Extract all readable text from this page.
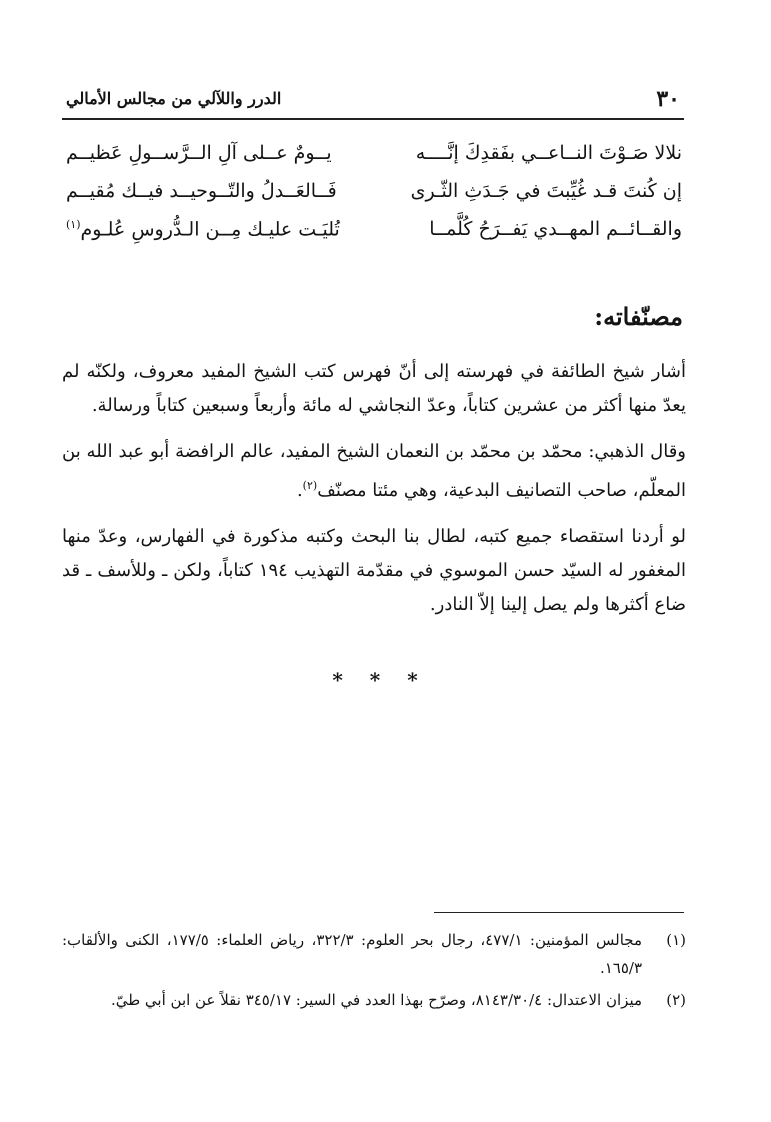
٣٠
الدرر واللآلي من مجالس الأمالي
نلالا صَـوْتَ النــاعــي بفَقدِكَ إنَّــــه
يــومٌ عــلى آلِ الــرَّســولِ عَظيــم
إن كُنتَ قـد غُيِّبتَ في جَـدَثِ الثّـرى
فَــالعَــدلُ والتّــوحيــد فيــك مُقيــم
والقــائــم المهــدي يَفــرَحُ كُلَّمــا
تُليَـت عليـك مِــن الـدُّروسِ عُلـوم$^{(١)}$
مصنّفاته:

أشار شيخ الطائفة في فهرسته إلى أنّ فهرس كتب الشيخ المفيد معروف، ولكنّه لم يعدّ منها أكثر من عشرين كتاباً، وعدّ النجاشي له مائة وأربعاً وسبعين كتاباً ورسالة.

وقال الذهبي: محمّد بن محمّد بن النعمان الشيخ المفيد، عالم الرافضة أبو عبد الله بن المعلّم، صاحب التصانيف البدعية، وهي مئتا مصنّف$^{(٢)}$.

لو أردنا استقصاء جميع كتبه، لطال بنا البحث وكتبه مذكورة في الفهارس، وعدّ منها المغفور له السيّد حسن الموسوي في مقدّمة التهذيب ١٩٤ كتاباً، ولكن ـ وللأسف ـ قد ضاع أكثرها ولم يصل إلينا إلاّ النادر.

* * *
(١)
مجالس المؤمنين: ٤٧٧/١، رجال بحر العلوم: ٣٢٢/٣، رياض العلماء: ١٧٧/٥، الكنى والألقاب: ١٦٥/٣.
(٢)
ميزان الاعتدال: ٨١٤٣/٣٠/٤، وصرّح بهذا العدد في السير: ٣٤٥/١٧ نقلاً عن ابن أبي طيّ.
